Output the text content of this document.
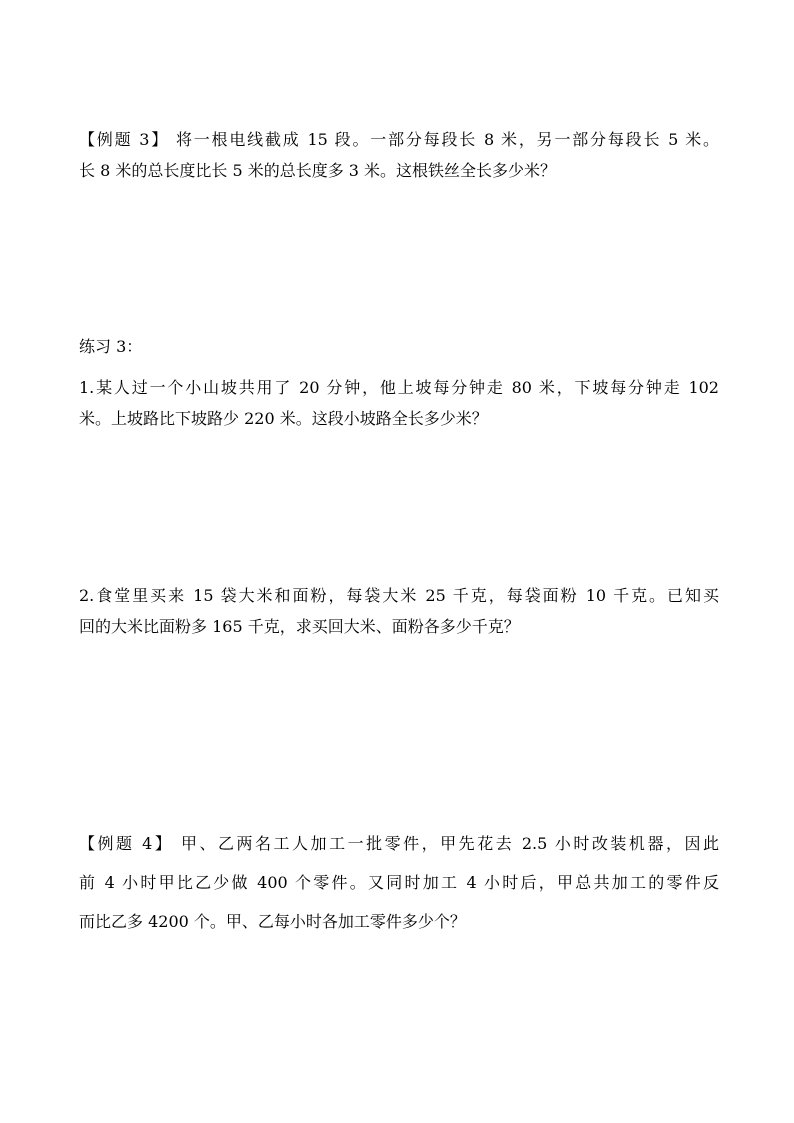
【例题 3】 将一根电线截成 15 段。一部分每段长 8 米，另一部分每段长 5 米。
长 8 米的总长度比长 5 米的总长度多 3 米。这根铁丝全长多少米？
练习 3：
1.某人过一个小山坡共用了 20 分钟，他上坡每分钟走 80 米，下坡每分钟走 102
米。上坡路比下坡路少 220 米。这段小坡路全长多少米？
2.食堂里买来 15 袋大米和面粉，每袋大米 25 千克，每袋面粉 10 千克。已知买
回的大米比面粉多 165 千克，求买回大米、面粉各多少千克？
【例题 4】 甲、乙两名工人加工一批零件，甲先花去 2.5 小时改装机器，因此
前 4 小时甲比乙少做 400 个零件。又同时加工 4 小时后，甲总共加工的零件反
而比乙多 4200 个。甲、乙每小时各加工零件多少个？
